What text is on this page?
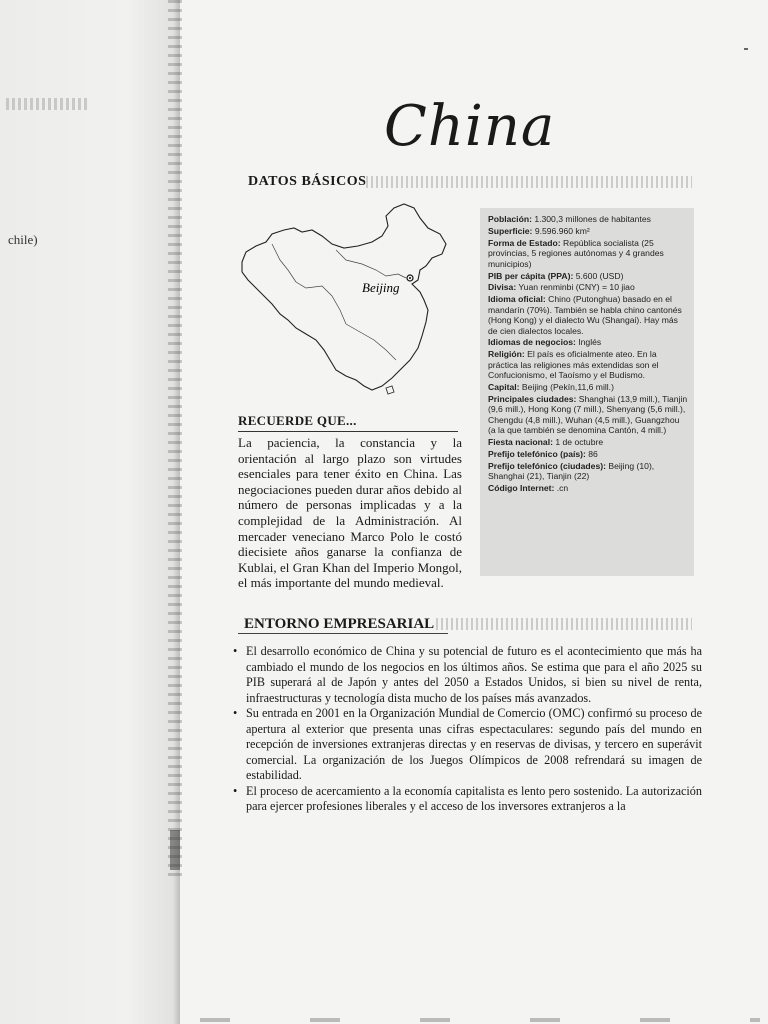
chile)
China
DATOS BÁSICOS
Beijing
RECUERDE QUE...

La paciencia, la constancia y la orientación al largo plazo son virtudes esenciales para tener éxito en China. Las negociaciones pueden durar años debido al número de personas implicadas y a la complejidad de la Administración. Al mercader veneciano Marco Polo le costó diecisiete años ganarse la confianza de Kublai, el Gran Khan del Imperio Mongol, el más importante del mundo medieval.

Población: 1.300,3 millones de habitantes
Superficie: 9.596.960 km²
Forma de Estado: República socialista (25 provincias, 5 regiones autónomas y 4 grandes municipios)
PIB per cápita (PPA): 5.600 (USD)
Divisa: Yuan renminbi (CNY) = 10 jiao
Idioma oficial: Chino (Putonghua) basado en el mandarín (70%). También se habla chino cantonés (Hong Kong) y el dialecto Wu (Shangai). Hay más de cien dialectos locales.
Idiomas de negocios: Inglés
Religión: El país es oficialmente ateo. En la práctica las religiones más extendidas son el Confucionismo, el Taoísmo y el Budismo.
Capital: Beijing (Pekín,11,6 mill.)
Principales ciudades: Shanghai (13,9 mill.), Tianjin (9,6 mill.), Hong Kong (7 mill.), Shenyang (5,6 mill.), Chengdu (4,8 mill.), Wuhan (4,5 mill.), Guangzhou (a la que también se denomina Cantón, 4 mill.)
Fiesta nacional: 1 de octubre
Prefijo telefónico (país): 86
Prefijo telefónico (ciudades): Beijing (10), Shanghai (21), Tianjin (22)
Código Internet: .cn
ENTORNO EMPRESARIAL
• El desarrollo económico de China y su potencial de futuro es el acontecimiento que más ha cambiado el mundo de los negocios en los últimos años. Se estima que para el año 2025 su PIB superará al de Japón y antes del 2050 a Estados Unidos, si bien su nivel de renta, infraestructuras y tecnología dista mucho de los países más avanzados.
• Su entrada en 2001 en la Organización Mundial de Comercio (OMC) confirmó su proceso de apertura al exterior que presenta unas cifras espectaculares: segundo país del mundo en recepción de inversiones extranjeras directas y en reservas de divisas, y tercero en superávit comercial. La organización de los Juegos Olímpicos de 2008 refrendará su imagen de estabilidad.
• El proceso de acercamiento a la economía capitalista es lento pero sostenido. La autorización para ejercer profesiones liberales y el acceso de los inversores extranjeros a la
